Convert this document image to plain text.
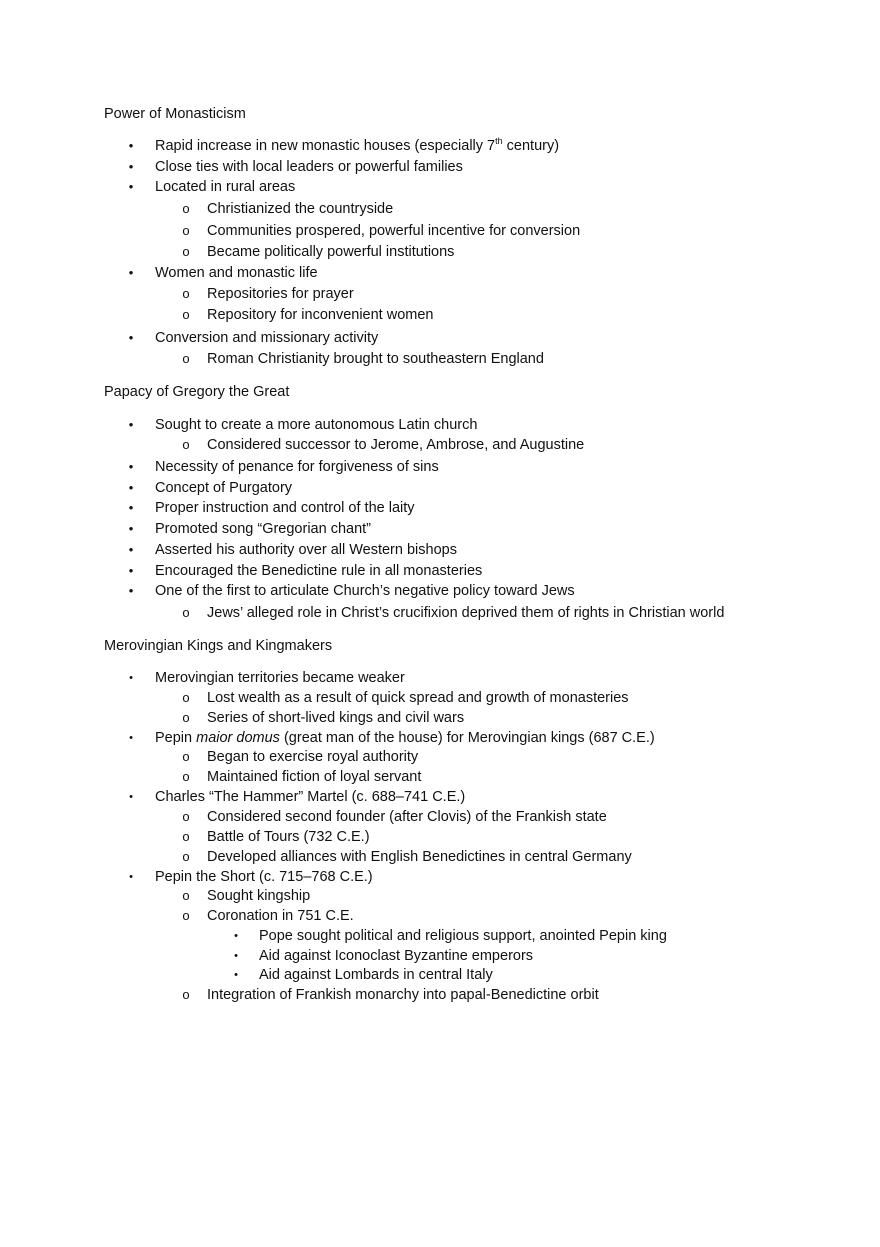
Power of Monasticism
• Rapid increase in new monastic houses (especially 7th century)
• Close ties with local leaders or powerful families
• Located in rural areas
o Christianized the countryside
o Communities prospered, powerful incentive for conversion
o Became politically powerful institutions
• Women and monastic life
o Repositories for prayer
o Repository for inconvenient women
• Conversion and missionary activity
o Roman Christianity brought to southeastern England
Papacy of Gregory the Great
• Sought to create a more autonomous Latin church
o Considered successor to Jerome, Ambrose, and Augustine
• Necessity of penance for forgiveness of sins
• Concept of Purgatory
• Proper instruction and control of the laity
• Promoted song “Gregorian chant”
• Asserted his authority over all Western bishops
• Encouraged the Benedictine rule in all monasteries
• One of the first to articulate Church’s negative policy toward Jews
o Jews’ alleged role in Christ’s crucifixion deprived them of rights in Christian world
Merovingian Kings and Kingmakers
• Merovingian territories became weaker
o Lost wealth as a result of quick spread and growth of monasteries
o Series of short-lived kings and civil wars
• Pepin maior domus (great man of the house) for Merovingian kings (687 C.E.)
o Began to exercise royal authority
o Maintained fiction of loyal servant
• Charles “The Hammer” Martel (c. 688–741 C.E.)
o Considered second founder (after Clovis) of the Frankish state
o Battle of Tours (732 C.E.)
o Developed alliances with English Benedictines in central Germany
• Pepin the Short (c. 715–768 C.E.)
o Sought kingship
o Coronation in 751 C.E.
• Pope sought political and religious support, anointed Pepin king
• Aid against Iconoclast Byzantine emperors
• Aid against Lombards in central Italy
o Integration of Frankish monarchy into papal-Benedictine orbit
